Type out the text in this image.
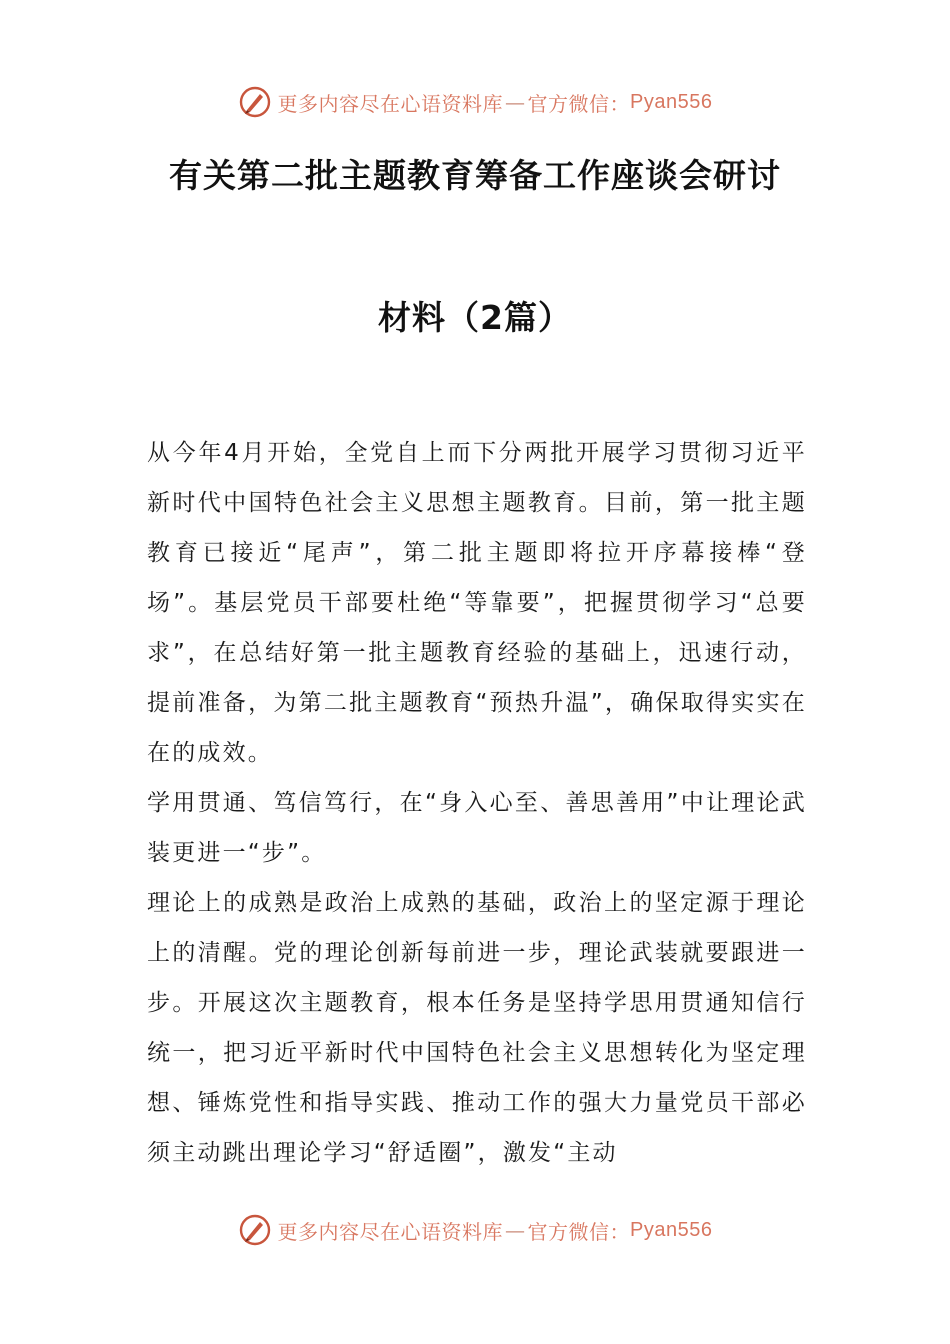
更多内容尽在心语资料库 — 官方微信： Pyan556
有关第二批主题教育筹备工作座谈会研讨
材料（2篇）

从今年4月开始，全党自上而下分两批开展学习贯彻习近平新时代中国特色社会主义思想主题教育。目前，第一批主题教育已接近“尾声”，第二批主题即将拉开序幕接棒“登场”。基层党员干部要杜绝“等靠要”，把握贯彻学习“总要求”，在总结好第一批主题教育经验的基础上，迅速行动，提前准备，为第二批主题教育“预热升温”，确保取得实实在在的成效。

学用贯通、笃信笃行，在“身入心至、善思善用”中让理论武装更进一“步”。

理论上的成熟是政治上成熟的基础，政治上的坚定源于理论上的清醒。党的理论创新每前进一步，理论武装就要跟进一步。开展这次主题教育，根本任务是坚持学思用贯通知信行统一，把习近平新时代中国特色社会主义思想转化为坚定理想、锤炼党性和指导实践、推动工作的强大力量党员干部必须主动跳出理论学习“舒适圈”，激发“主动

更多内容尽在心语资料库 — 官方微信： Pyan556
